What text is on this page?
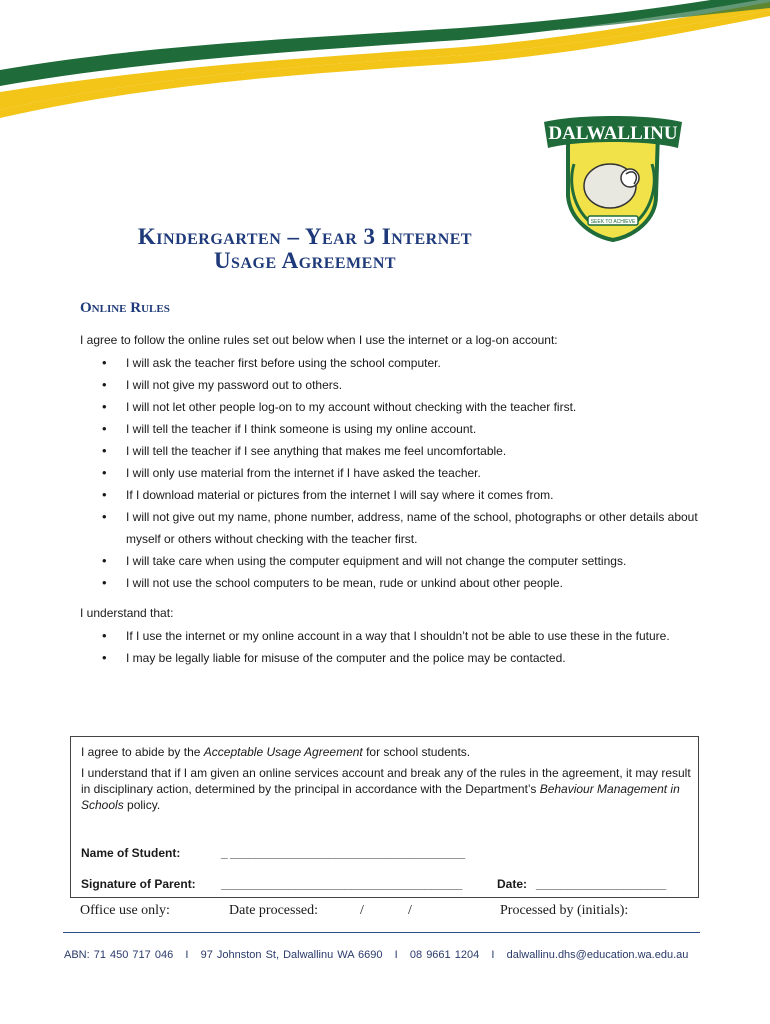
DALWALLINU
SEEK TO ACHIEVE
Kindergarten – Year 3 Internet
Usage Agreement
Online Rules
I agree to follow the online rules set out below when I use the internet or a log-on account:
• I will ask the teacher first before using the school computer.
• I will not give my password out to others.
• I will not let other people log-on to my account without checking with the teacher first.
• I will tell the teacher if I think someone is using my online account.
• I will tell the teacher if I see anything that makes me feel uncomfortable.
• I will only use material from the internet if I have asked the teacher.
• If I download material or pictures from the internet I will say where it comes from.
• I will not give out my name, phone number, address, name of the school, photographs or other details about myself or others without checking with the teacher first.
• I will take care when using the computer equipment and will not change the computer settings.
• I will not use the school computers to be mean, rude or unkind about other people.
I understand that:
• If I use the internet or my online account in a way that I shouldn’t not be able to use these in the future.
• I may be legally liable for misuse of the computer and the police may be contacted.
I agree to abide by the Acceptable Usage Agreement for school students.
I understand that if I am given an online services account and break any of the rules in the agreement, it may result in disciplinary action, determined by the principal in accordance with the Department’s Behaviour Management in Schools policy.
Name of Student:	_ ______________________________________
Signature of Parent: _______________________________________	Date: _____________________
Office use only:	Date processed:	/	/	Processed by (initials):
ABN: 71 450 717 046   I   97 Johnston St, Dalwallinu WA 6690   I   08 9661 1204   I   dalwallinu.dhs@education.wa.edu.au
